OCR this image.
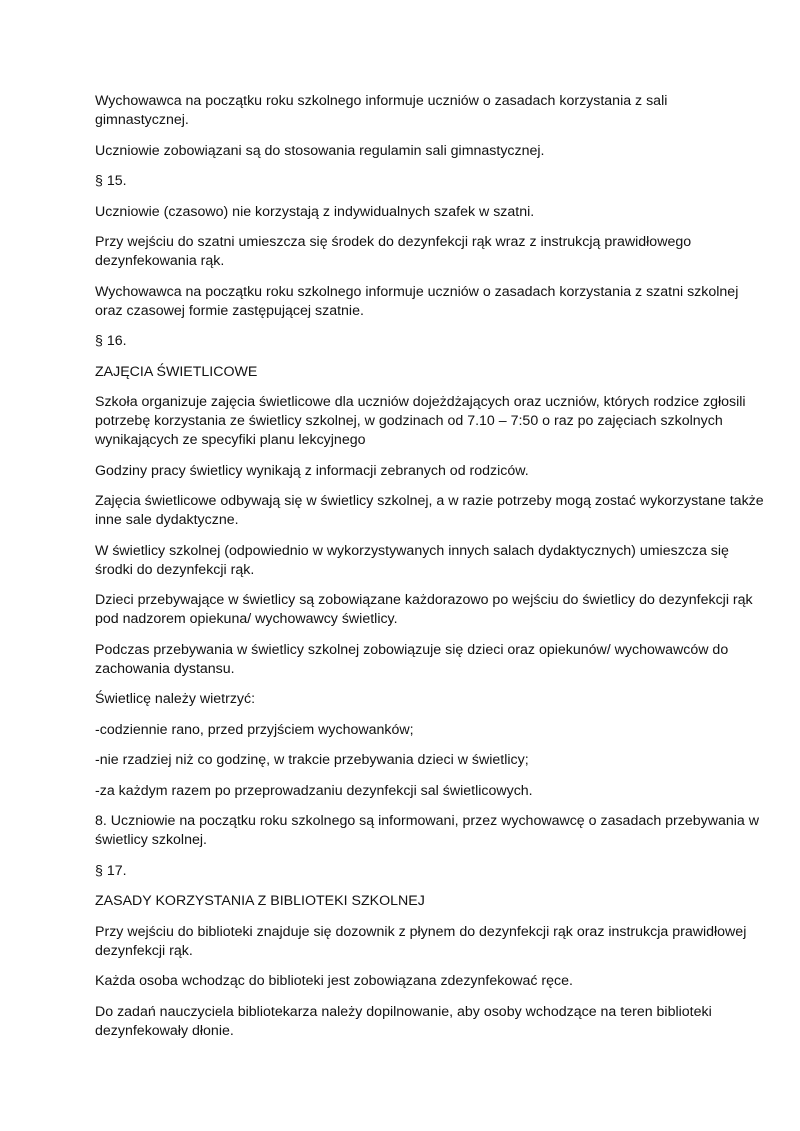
Wychowawca na początku roku szkolnego informuje uczniów o zasadach korzystania z sali gimnastycznej.

Uczniowie zobowiązani są do stosowania regulamin sali gimnastycznej.

§ 15.

Uczniowie (czasowo) nie korzystają z indywidualnych szafek w szatni.

Przy wejściu do szatni umieszcza się środek do dezynfekcji rąk wraz z instrukcją prawidłowego dezynfekowania rąk.

Wychowawca na początku roku szkolnego informuje uczniów o zasadach korzystania z szatni szkolnej oraz czasowej formie zastępującej szatnie.

§ 16.

ZAJĘCIA ŚWIETLICOWE

Szkoła organizuje zajęcia świetlicowe dla uczniów dojeżdżających oraz uczniów, których rodzice zgłosili potrzebę korzystania ze świetlicy szkolnej, w godzinach od 7.10 – 7:50 o raz po zajęciach szkolnych wynikających ze specyfiki planu lekcyjnego

Godziny pracy świetlicy wynikają z informacji zebranych od rodziców.

Zajęcia świetlicowe odbywają się w świetlicy szkolnej, a w razie potrzeby mogą zostać wykorzystane także inne sale dydaktyczne.

W świetlicy szkolnej (odpowiednio w wykorzystywanych innych salach dydaktycznych) umieszcza się środki do dezynfekcji rąk.

Dzieci przebywające w świetlicy są zobowiązane każdorazowo po wejściu do świetlicy do dezynfekcji rąk pod nadzorem opiekuna/ wychowawcy świetlicy.

Podczas przebywania w świetlicy szkolnej zobowiązuje się dzieci oraz opiekunów/ wychowawców do zachowania dystansu.

Świetlicę należy wietrzyć:

-codziennie rano, przed przyjściem wychowanków;

-nie rzadziej niż co godzinę, w trakcie przebywania dzieci w świetlicy;

-za każdym razem po przeprowadzaniu dezynfekcji sal świetlicowych.

8. Uczniowie na początku roku szkolnego są informowani, przez wychowawcę o zasadach przebywania w świetlicy szkolnej.

§ 17.

ZASADY KORZYSTANIA Z BIBLIOTEKI SZKOLNEJ

Przy wejściu do biblioteki znajduje się dozownik z płynem do dezynfekcji rąk oraz instrukcja prawidłowej dezynfekcji rąk.

Każda osoba wchodząc do biblioteki jest zobowiązana zdezynfekować ręce.

Do zadań nauczyciela bibliotekarza należy dopilnowanie, aby osoby wchodzące na teren biblioteki dezynfekowały dłonie.
